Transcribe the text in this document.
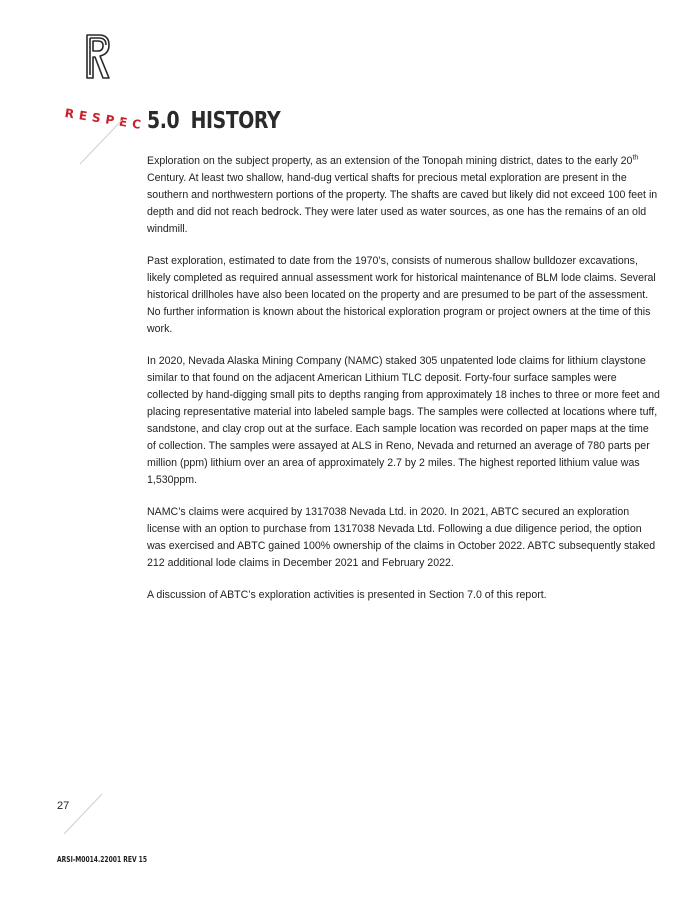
RESPEC 5.0 HISTORY

Exploration on the subject property, as an extension of the Tonopah mining district, dates to the early 20th Century. At least two shallow, hand-dug vertical shafts for precious metal exploration are present in the southern and northwestern portions of the property. The shafts are caved but likely did not exceed 100 feet in depth and did not reach bedrock. They were later used as water sources, as one has the remains of an old windmill.

Past exploration, estimated to date from the 1970’s, consists of numerous shallow bulldozer excavations, likely completed as required annual assessment work for historical maintenance of BLM lode claims. Several historical drillholes have also been located on the property and are presumed to be part of the assessment. No further information is known about the historical exploration program or project owners at the time of this work.

In 2020, Nevada Alaska Mining Company (NAMC) staked 305 unpatented lode claims for lithium claystone similar to that found on the adjacent American Lithium TLC deposit. Forty-four surface samples were collected by hand-digging small pits to depths ranging from approximately 18 inches to three or more feet and placing representative material into labeled sample bags. The samples were collected at locations where tuff, sandstone, and clay crop out at the surface. Each sample location was recorded on paper maps at the time of collection. The samples were assayed at ALS in Reno, Nevada and returned an average of 780 parts per million (ppm) lithium over an area of approximately 2.7 by 2 miles. The highest reported lithium value was 1,530ppm.

NAMC’s claims were acquired by 1317038 Nevada Ltd. in 2020. In 2021, ABTC secured an exploration license with an option to purchase from 1317038 Nevada Ltd. Following a due diligence period, the option was exercised and ABTC gained 100% ownership of the claims in October 2022. ABTC subsequently staked 212 additional lode claims in December 2021 and February 2022.

A discussion of ABTC’s exploration activities is presented in Section 7.0 of this report.

27
ARSI-M0014.22001 REV 15
